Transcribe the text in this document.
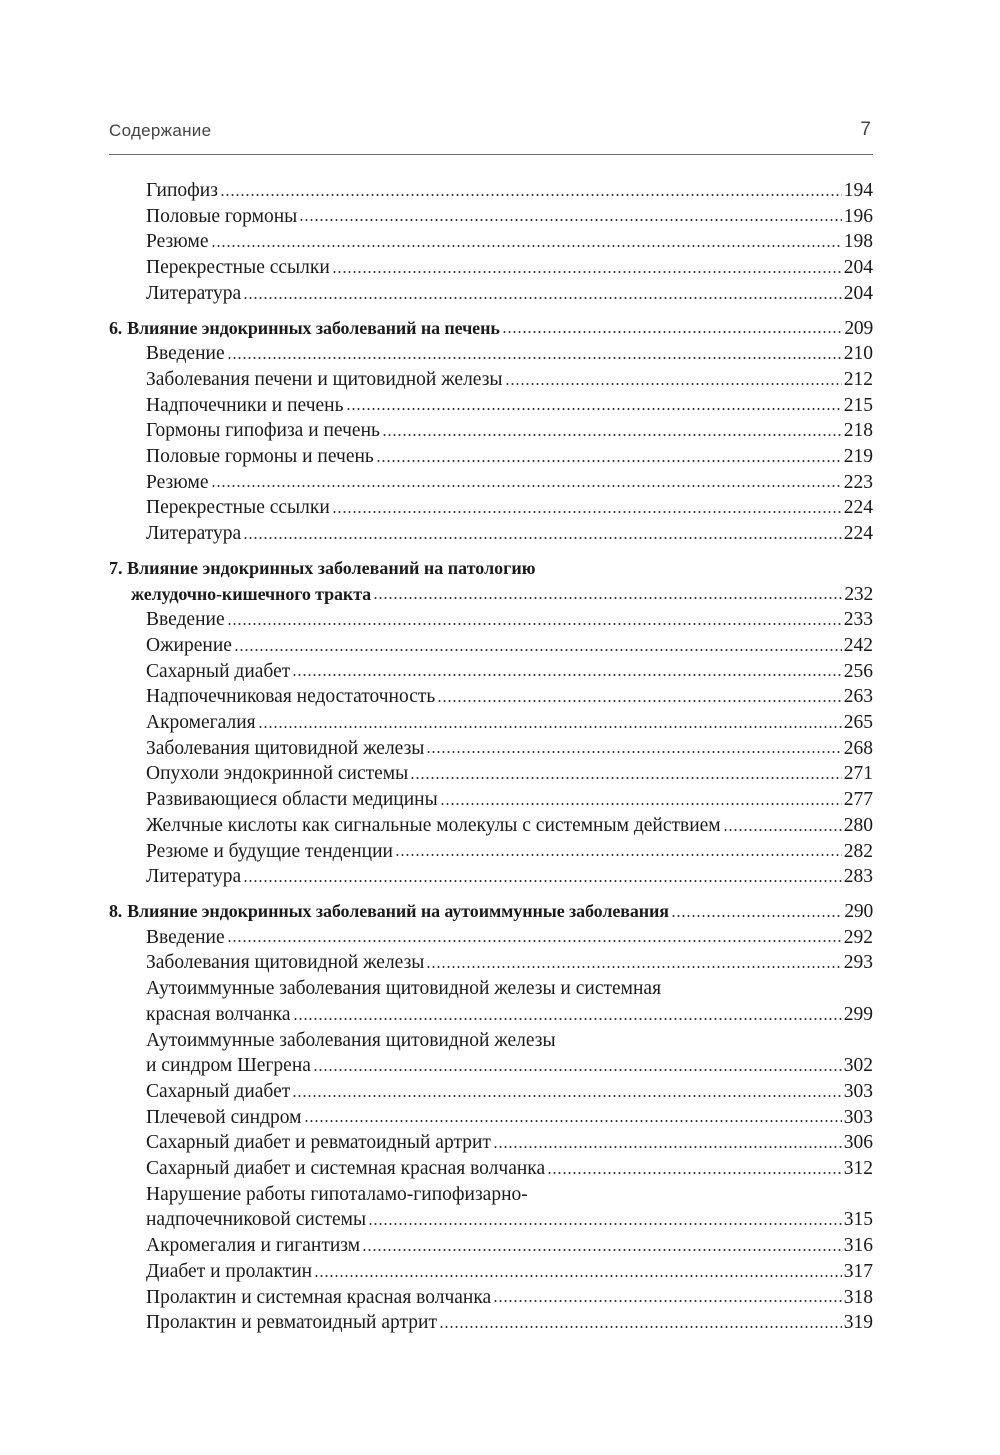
Содержание	7
Гипофиз	194
Половые гормоны	196
Резюме	198
Перекрестные ссылки	204
Литература	204
6. Влияние эндокринных заболеваний на печень	209
Введение	210
Заболевания печени и щитовидной железы	212
Надпочечники и печень	215
Гормоны гипофиза и печень	218
Половые гормоны и печень	219
Резюме	223
Перекрестные ссылки	224
Литература	224
7. Влияние эндокринных заболеваний на патологию
желудочно-кишечного тракта	232
Введение	233
Ожирение	242
Сахарный диабет	256
Надпочечниковая недостаточность	263
Акромегалия	265
Заболевания щитовидной железы	268
Опухоли эндокринной системы	271
Развивающиеся области медицины	277
Желчные кислоты как сигнальные молекулы с системным действием	280
Резюме и будущие тенденции	282
Литература	283
8. Влияние эндокринных заболеваний на аутоиммунные заболевания	290
Введение	292
Заболевания щитовидной железы	293
Аутоиммунные заболевания щитовидной железы и системная
красная волчанка	299
Аутоиммунные заболевания щитовидной железы
и синдром Шегрена	302
Сахарный диабет	303
Плечевой синдром	303
Сахарный диабет и ревматоидный артрит	306
Сахарный диабет и системная красная волчанка	312
Нарушение работы гипоталамо-гипофизарно-
надпочечниковой системы	315
Акромегалия и гигантизм	316
Диабет и пролактин	317
Пролактин и системная красная волчанка	318
Пролактин и ревматоидный артрит	319
